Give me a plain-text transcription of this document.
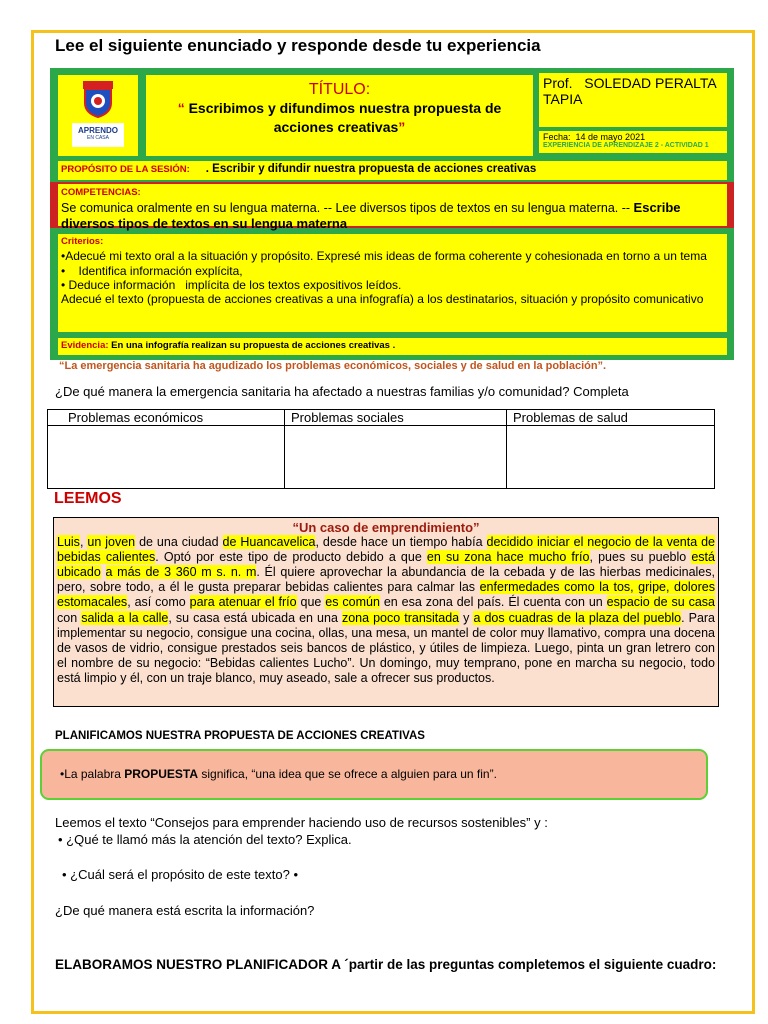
Lee el siguiente enunciado y responde desde tu experiencia
APRENDO
EN CASA
TÍTULO:
“ Escribimos y difundimos nuestra propuesta de acciones creativas”
Prof. SOLEDAD PERALTA TAPIA
Fecha: 14 de mayo 2021
EXPERIENCIA DE APRENDIZAJE 2 - ACTIVIDAD 1
PROPÓSITO DE LA SESIÓN: . Escribir y difundir nuestra propuesta de acciones creativas
COMPETENCIAS:
Se comunica oralmente en su lengua materna. -- Lee diversos tipos de textos en su lengua materna. -- Escribe diversos tipos de textos en su lengua materna
Criterios:
•Adecué mi texto oral a la situación y propósito. Expresé mis ideas de forma coherente y cohesionada en torno a un tema
•    Identifica información explícita,
• Deduce información   implícita de los textos expositivos leídos.
Adecué el texto (propuesta de acciones creativas a una infografía) a los destinatarios, situación y propósito comunicativo
Evidencia: En una infografía realizan su propuesta de acciones creativas .
“La emergencia sanitaria ha agudizado los problemas económicos, sociales y de salud en la población”.
¿De qué manera la emergencia sanitaria ha afectado a nuestras familias y/o comunidad? Completa
Problemas económicos	Problemas sociales	Problemas de salud

LEEMOS
“Un caso de emprendimiento”
Luis, un joven de una ciudad de Huancavelica, desde hace un tiempo había decidido iniciar el negocio de la venta de bebidas calientes. Optó por este tipo de producto debido a que en su zona hace mucho frío, pues su pueblo está ubicado a más de 3 360 m s. n. m. Él quiere aprovechar la abundancia de la cebada y de las hierbas medicinales, pero, sobre todo, a él le gusta preparar bebidas calientes para calmar las enfermedades como la tos, gripe, dolores estomacales, así como para atenuar el frío que es común en esa zona del país. Él cuenta con un espacio de su casa con salida a la calle, su casa está ubicada en una zona poco transitada y a dos cuadras de la plaza del pueblo. Para implementar su negocio, consigue una cocina, ollas, una mesa, un mantel de color muy llamativo, compra una docena de vasos de vidrio, consigue prestados seis bancos de plástico, y útiles de limpieza. Luego, pinta un gran letrero con el nombre de su negocio: “Bebidas calientes Lucho”. Un domingo, muy temprano, pone en marcha su negocio, todo está limpio y él, con un traje blanco, muy aseado, sale a ofrecer sus productos.
PLANIFICAMOS NUESTRA PROPUESTA DE ACCIONES CREATIVAS
•La palabra PROPUESTA significa, “una idea que se ofrece a alguien para un fin”.
Leemos el texto “Consejos para emprender haciendo uso de recursos sostenibles” y :
• ¿Qué te llamó más la atención del texto? Explica.
• ¿Cuál será el propósito de este texto? •
¿De qué manera está escrita la información?
ELABORAMOS NUESTRO PLANIFICADOR A ´partir de las preguntas completemos el siguiente cuadro:
